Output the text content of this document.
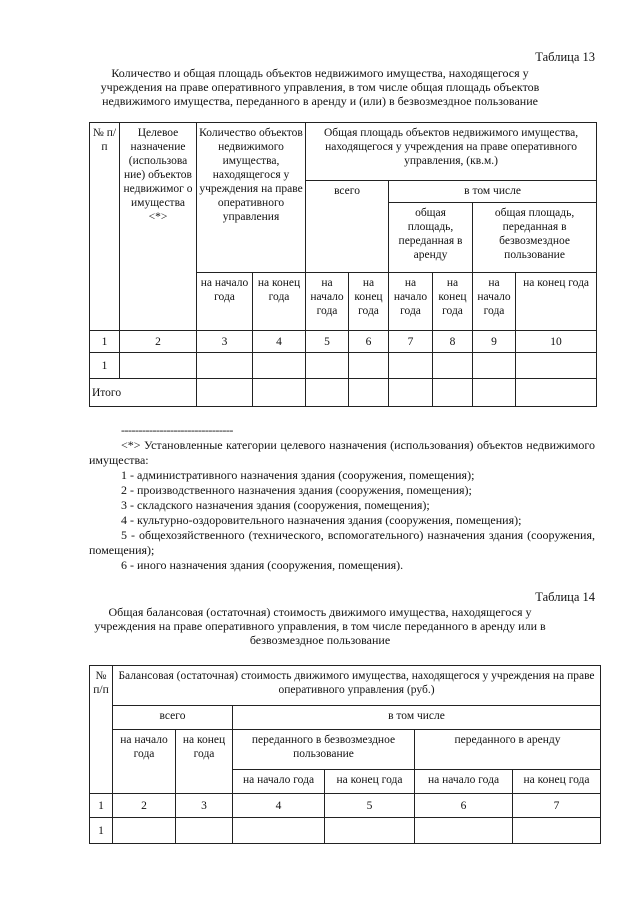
Таблица 13
Количество и общая площадь объектов недвижимого имущества, находящегося у учреждения на праве оперативного управления, в том числе общая площадь объектов недвижимого имущества, переданного в аренду и (или) в безвозмездное пользование
№ п/п	Целевое назначение (использова ние) объектов недвижимог о имущества <*>	Количество объектов недвижимого имущества, находящегося у учреждения на праве оперативного управления		Общая площадь объектов недвижимого имущества, находящегося у учреждения на праве оперативного управления, (кв.м.)					
				всего		в том числе			
						общая площадь, переданная в аренду		общая площадь, переданная в безвозмездное пользование	
		на начало года	на конец года	на начало года	на конец года	на начало года	на конец года	на начало года	на конец года
1	2	3	4	5	6	7	8	9	10
1									
Итого									

--------------------------------

<*> Установленные категории целевого назначения (использования) объектов недвижимого имущества:

1 - административного назначения здания (сооружения, помещения);

2 - производственного назначения здания (сооружения, помещения);

3 - складского назначения здания (сооружения, помещения);

4 - культурно-оздоровительного назначения здания (сооружения, помещения);

5 - общехозяйственного (технического, вспомогательного) назначения здания (сооружения, помещения);

6 - иного назначения здания (сооружения, помещения).

Таблица 14
Общая балансовая (остаточная) стоимость движимого имущества, находящегося у учреждения на праве оперативного управления, в том числе переданного в аренду или в безвозмездное пользование
№ п/п	Балансовая (остаточная) стоимость движимого имущества, находящегося у учреждения на праве оперативного управления (руб.)					
	всего		в том числе			
	на начало года	на конец года	переданного в безвозмездное пользование		переданного в аренду	
			на начало года	на конец года	на начало года	на конец года
1	2	3	4	5	6	7
1						
